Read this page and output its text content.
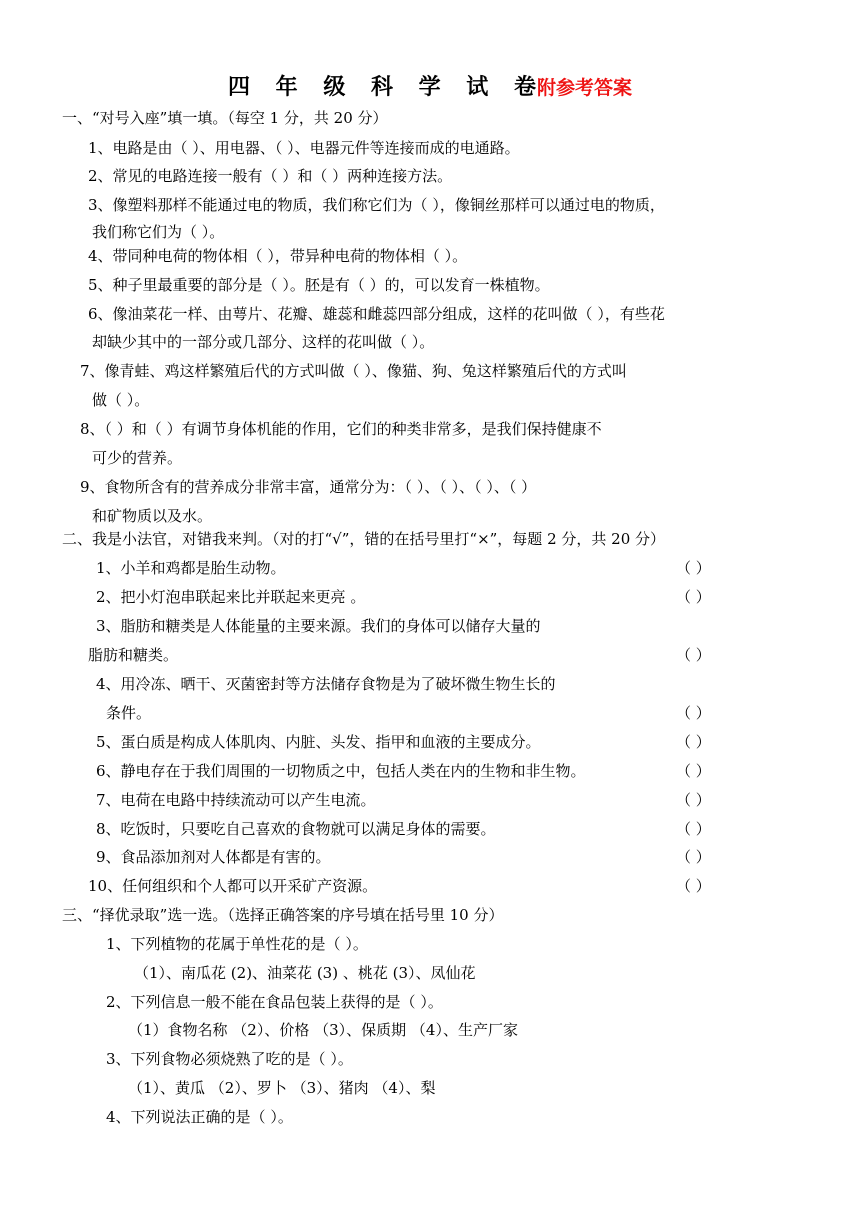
四 年 级 科 学 试 卷附参考答案
一、“对号入座”填一填。（每空 1 分，共 20 分）
1、电路是由（ ）、用电器、（ ）、电器元件等连接而成的电通路。
2、常见的电路连接一般有（ ）和（ ）两种连接方法。
3、像塑料那样不能通过电的物质，我们称它们为（ ），像铜丝那样可以通过电的物质，
我们称它们为（ ）。
4、带同种电荷的物体相（ ），带异种电荷的物体相（ ）。
5、种子里最重要的部分是（ ）。胚是有（ ）的，可以发育一株植物。
6、像油菜花一样、由萼片、花瓣、雄蕊和雌蕊四部分组成，这样的花叫做（ ），有些花
却缺少其中的一部分或几部分、这样的花叫做（ ）。
7、像青蛙、鸡这样繁殖后代的方式叫做（ ）、像猫、狗、兔这样繁殖后代的方式叫
做（ ）。
8、（ ）和（ ）有调节身体机能的作用，它们的种类非常多，是我们保持健康不
可少的营养。
9、食物所含有的营养成分非常丰富，通常分为：（ ）、（ ）、（ ）、（ ）
和矿物质以及水。
二、我是小法官，对错我来判。（对的打“√”，错的在括号里打“×”，每题 2 分，共 20 分）
1、小羊和鸡都是胎生动物。	（ ）
2、把小灯泡串联起来比并联起来更亮 。	（ ）
3、脂肪和糖类是人体能量的主要来源。我们的身体可以储存大量的
脂肪和糖类。	（ ）
4、用冷冻、晒干、灭菌密封等方法储存食物是为了破坏微生物生长的
条件。	（ ）
5、蛋白质是构成人体肌肉、内脏、头发、指甲和血液的主要成分。	（ ）
6、静电存在于我们周围的一切物质之中，包括人类在内的生物和非生物。	（ ）
7、电荷在电路中持续流动可以产生电流。	（ ）
8、吃饭时，只要吃自己喜欢的食物就可以满足身体的需要。	（ ）
9、食品添加剂对人体都是有害的。	（ ）
10、任何组织和个人都可以开采矿产资源。	（ ）
三、“择优录取”选一选。（选择正确答案的序号填在括号里 10 分）
1、下列植物的花属于单性花的是（ ）。
（1）、南瓜花 (2)、油菜花 (3) 、桃花 (3）、凤仙花
2、下列信息一般不能在食品包装上获得的是（ ）。
（1）食物名称 （2）、价格 （3）、保质期 （4）、生产厂家
3、下列食物必须烧熟了吃的是（ ）。
（1）、黄瓜 （2）、罗卜 （3）、猪肉 （4）、梨
4、下列说法正确的是（ ）。
